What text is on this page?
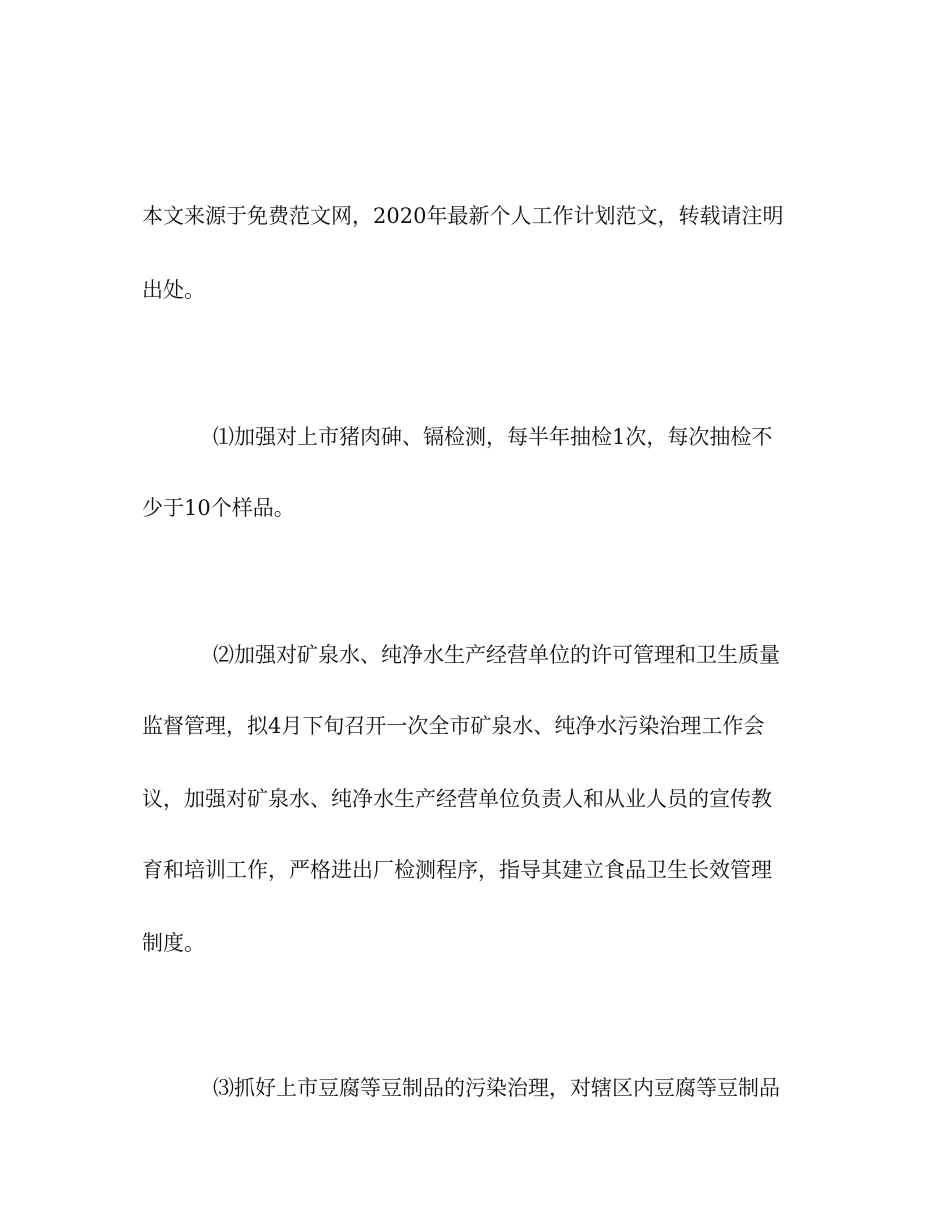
本文来源于免费范文网，2020年最新个人工作计划范文，转载请注明
出处。
⑴加强对上市猪肉砷、镉检测，每半年抽检1次，每次抽检不
少于10个样品。
⑵加强对矿泉水、纯净水生产经营单位的许可管理和卫生质量
监督管理，拟4月下旬召开一次全市矿泉水、纯净水污染治理工作会
议，加强对矿泉水、纯净水生产经营单位负责人和从业人员的宣传教
育和培训工作，严格进出厂检测程序，指导其建立食品卫生长效管理
制度。
⑶抓好上市豆腐等豆制品的污染治理，对辖区内豆腐等豆制品
